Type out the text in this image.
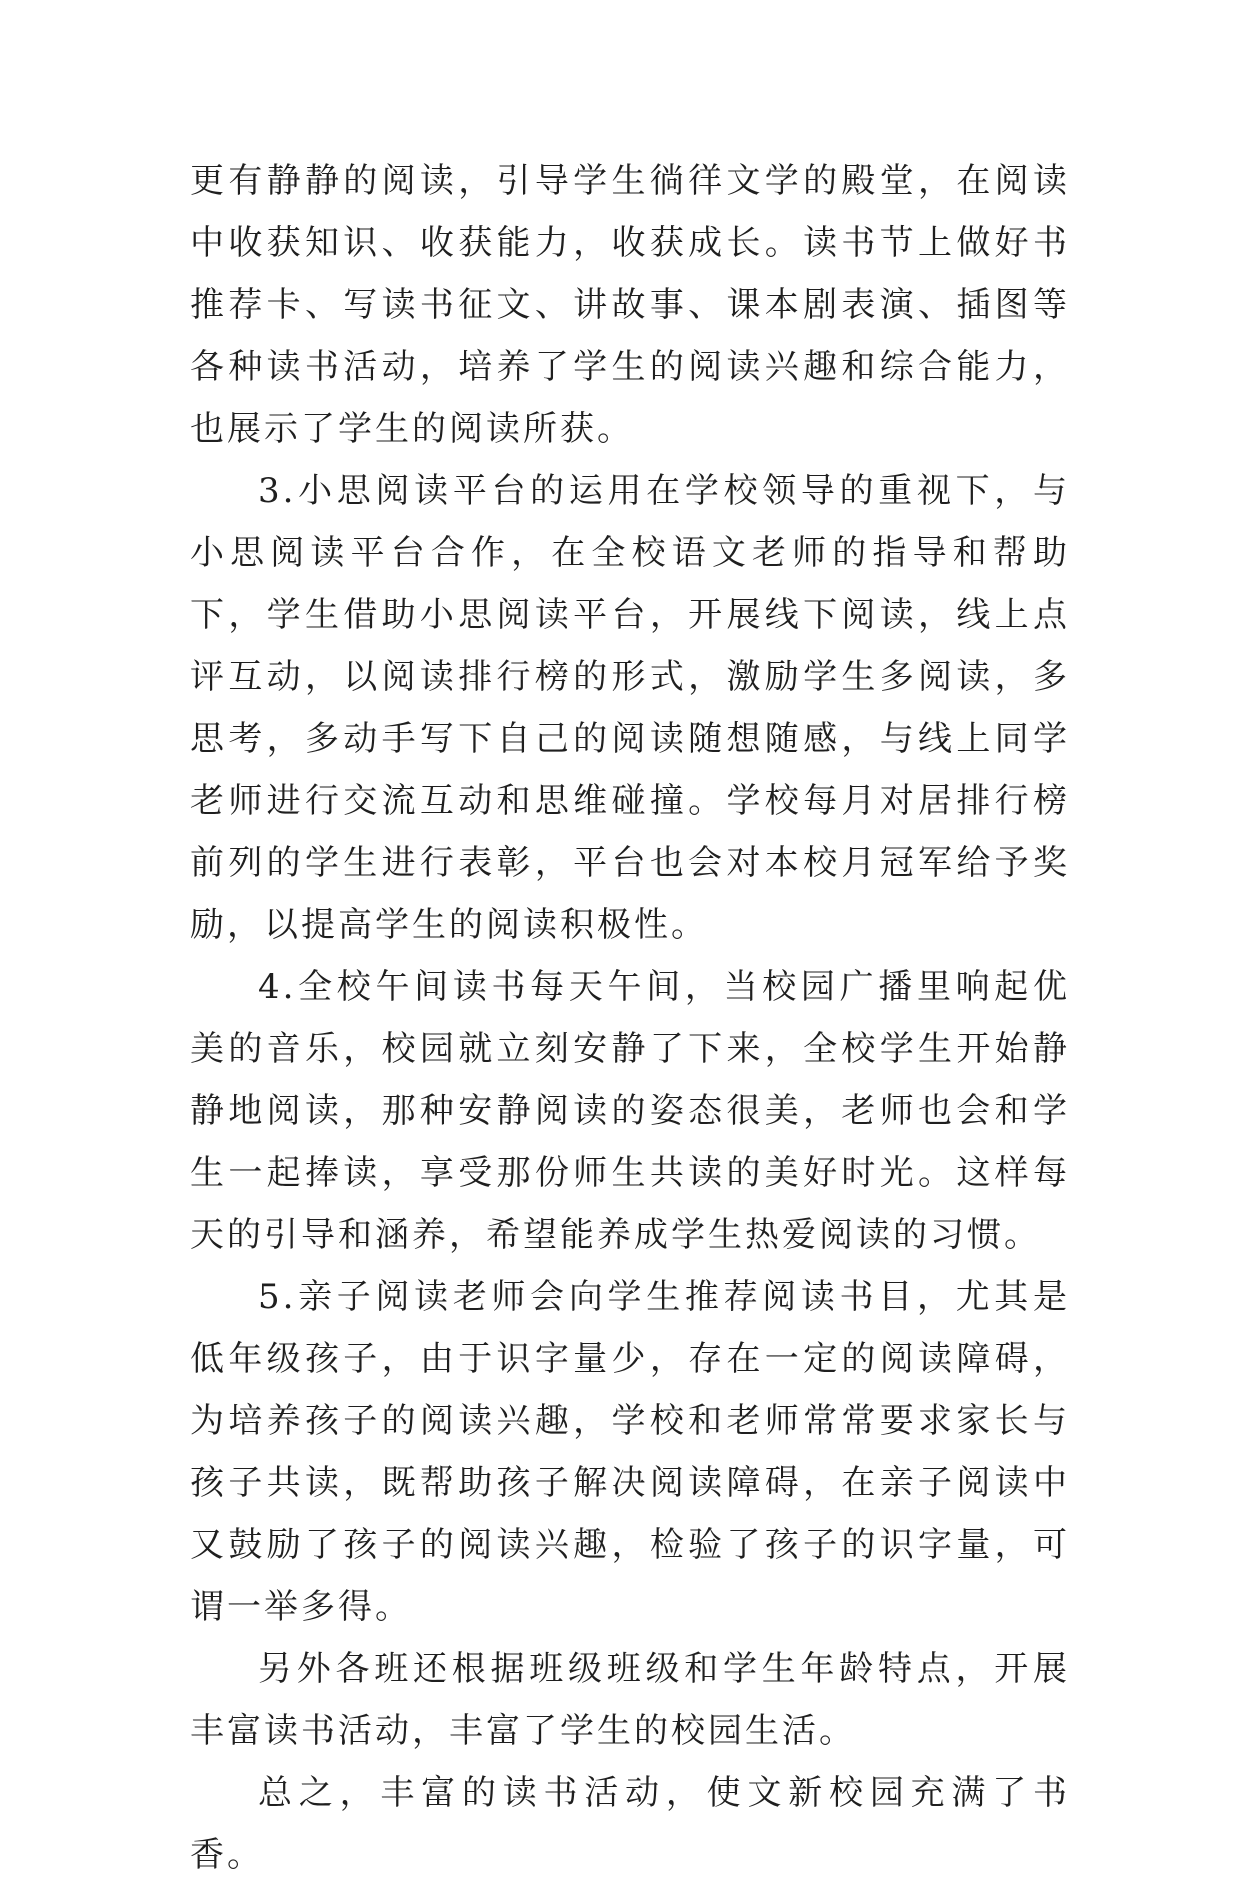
更有静静的阅读，引导学生徜徉文学的殿堂，在阅读中收获知识、收获能力，收获成长。读书节上做好书推荐卡、写读书征文、讲故事、课本剧表演、插图等各种读书活动，培养了学生的阅读兴趣和综合能力，也展示了学生的阅读所获。

3.小思阅读平台的运用在学校领导的重视下，与小思阅读平台合作，在全校语文老师的指导和帮助下，学生借助小思阅读平台，开展线下阅读，线上点评互动，以阅读排行榜的形式，激励学生多阅读，多思考，多动手写下自己的阅读随想随感，与线上同学老师进行交流互动和思维碰撞。学校每月对居排行榜前列的学生进行表彰，平台也会对本校月冠军给予奖励，以提高学生的阅读积极性。

4.全校午间读书每天午间，当校园广播里响起优美的音乐，校园就立刻安静了下来，全校学生开始静静地阅读，那种安静阅读的姿态很美，老师也会和学生一起捧读，享受那份师生共读的美好时光。这样每天的引导和涵养，希望能养成学生热爱阅读的习惯。

5.亲子阅读老师会向学生推荐阅读书目，尤其是低年级孩子，由于识字量少，存在一定的阅读障碍，为培养孩子的阅读兴趣，学校和老师常常要求家长与孩子共读，既帮助孩子解决阅读障碍，在亲子阅读中又鼓励了孩子的阅读兴趣，检验了孩子的识字量，可谓一举多得。

另外各班还根据班级班级和学生年龄特点，开展丰富读书活动，丰富了学生的校园生活。

总之，丰富的读书活动，使文新校园充满了书香。
